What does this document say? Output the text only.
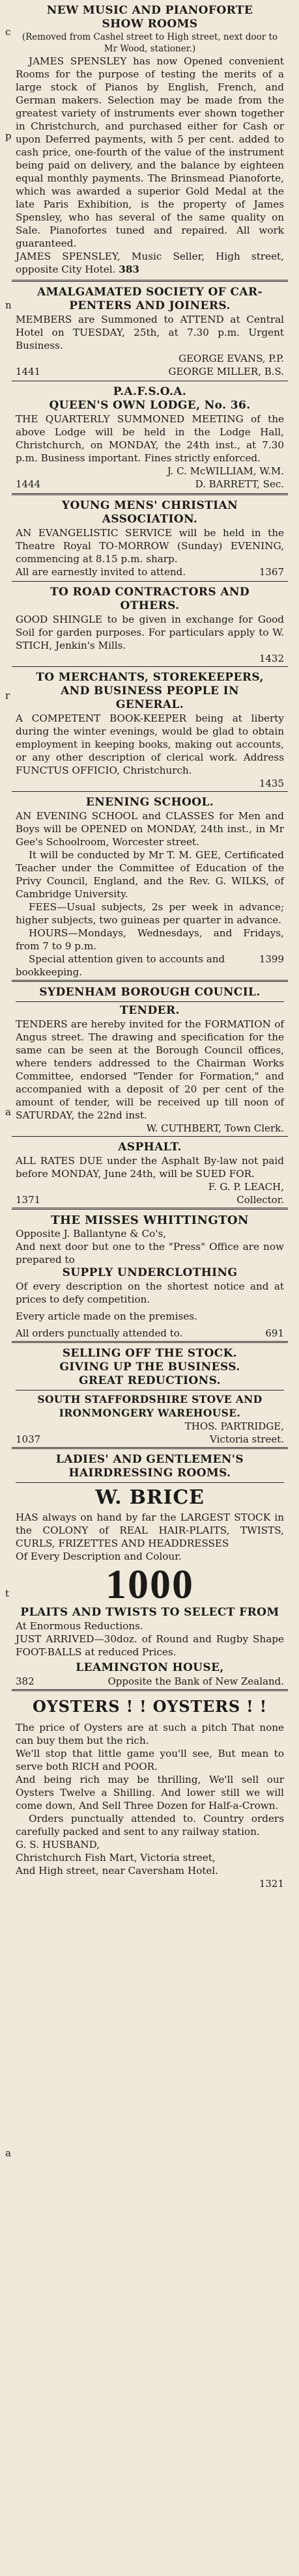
c
p
n
r
a
t
a
NEW MUSIC AND PIANOFORTE
SHOW ROOMS
(Removed from Cashel street to High street, next door to Mr Wood, stationer.)
JAMES SPENSLEY has now Opened convenient Rooms for the purpose of testing the merits of a large stock of Pianos by English, French, and German makers. Selection may be made from the greatest variety of instruments ever shown together in Christchurch, and purchased either for Cash or upon Deferred payments, with 5 per cent. added to cash price, one-fourth of the value of the instrument being paid on delivery, and the balance by eighteen equal monthly payments. The Brinsmead Pianoforte, which was awarded a superior Gold Medal at the late Paris Exhibition, is the property of James Spensley, who has several of the same quality on Sale. Pianofortes tuned and repaired. All work guaranteed.
JAMES SPENSLEY, Music Seller, High street, opposite City Hotel. 383
AMALGAMATED SOCIETY OF CAR-
PENTERS AND JOINERS.
MEMBERS are Summoned to ATTEND at Central Hotel on TUESDAY, 25th, at 7.30 p.m. Urgent Business.
GEORGE EVANS, P.P.
1441	GEORGE MILLER, B.S.
P.A.F.S.O.A.
QUEEN'S OWN LODGE, No. 36.
THE QUARTERLY SUMMONED MEETING of the above Lodge will be held in the Lodge Hall, Christchurch, on MONDAY, the 24th inst., at 7.30 p.m. Business important. Fines strictly enforced.
J. C. McWILLIAM, W.M.
1444	D. BARRETT, Sec.
YOUNG MENS' CHRISTIAN
ASSOCIATION.
AN EVANGELISTIC SERVICE will be held in the Theatre Royal TO-MORROW (Sunday) EVENING, commencing at 8.15 p.m. sharp.
All are earnestly invited to attend.	1367
TO ROAD CONTRACTORS AND
OTHERS.
GOOD SHINGLE to be given in exchange for Good Soil for garden purposes. For particulars apply to W. STICH, Jenkin's Mills.
1432
TO MERCHANTS, STOREKEEPERS,
AND BUSINESS PEOPLE IN
GENERAL.
A COMPETENT BOOK-KEEPER being at liberty during the winter evenings, would be glad to obtain employment in keeping books, making out accounts, or any other description of clerical work. Address FUNCTUS OFFICIO, Christchurch.
1435
ENENING SCHOOL.
AN EVENING SCHOOL and CLASSES for Men and Boys will be OPENED on MONDAY, 24th inst., in Mr Gee's Schoolroom, Worcester street.
It will be conducted by Mr T. M. GEE, Certificated Teacher under the Committee of Education of the Privy Council, England, and the Rev. G. WILKS, of Cambridge University.
FEES—Usual subjects, 2s per week in advance; higher subjects, two guineas per quarter in advance.
HOURS—Mondays, Wednesdays, and Fridays, from 7 to 9 p.m.
Special attention given to accounts and bookkeeping.
1399
SYDENHAM BOROUGH COUNCIL.
TENDER.
TENDERS are hereby invited for the FORMATION of Angus street. The drawing and specification for the same can be seen at the Borough Council offices, where tenders addressed to the Chairman Works Committee, endorsed "Tender for Formation," and accompanied with a deposit of 20 per cent of the amount of tender, will be received up till noon of SATURDAY, the 22nd inst.
W. CUTHBERT, Town Clerk.
ASPHALT.
ALL RATES DUE under the Asphalt By-law not paid before MONDAY, June 24th, will be SUED FOR.
F. G. P. LEACH,
1371	Collector.
THE MISSES WHITTINGTON
Opposite J. Ballantyne & Co's,
And next door but one to the "Press" Office are now prepared to
SUPPLY UNDERCLOTHING
Of every description on the shortest notice and at prices to defy competition.
Every article made on the premises.
All orders punctually attended to.	691
SELLING OFF THE STOCK.
GIVING UP THE BUSINESS.
GREAT REDUCTIONS.
SOUTH STAFFORDSHIRE STOVE AND
IRONMONGERY WAREHOUSE.
THOS. PARTRIDGE,
1037	Victoria street.
LADIES' AND GENTLEMEN'S
HAIRDRESSING ROOMS.
W. BRICE
HAS always on hand by far the LARGEST STOCK in the COLONY of REAL HAIR-PLAITS, TWISTS, CURLS, FRIZETTES AND HEADDRESSES
Of Every Description and Colour.
1000
PLAITS AND TWISTS TO SELECT FROM
At Enormous Reductions.
JUST ARRIVED—30doz. of Round and Rugby Shape FOOT-BALLS at reduced Prices.
LEAMINGTON HOUSE,
382	Opposite the Bank of New Zealand.
OYSTERS ! ! OYSTERS ! !
The price of Oysters are at such a pitch That none can buy them but the rich.
We'll stop that little game you'll see, But mean to serve both RICH and POOR.
And being rich may be thrilling, We'll sell our Oysters Twelve a Shilling. And lower still we will come down, And Sell Three Dozen for Half-a-Crown.
Orders punctually attended to. Country orders carefully packed and sent to any railway station.
G. S. HUSBAND,
Christchurch Fish Mart, Victoria street,
And High street, near Caversham Hotel.
1321
